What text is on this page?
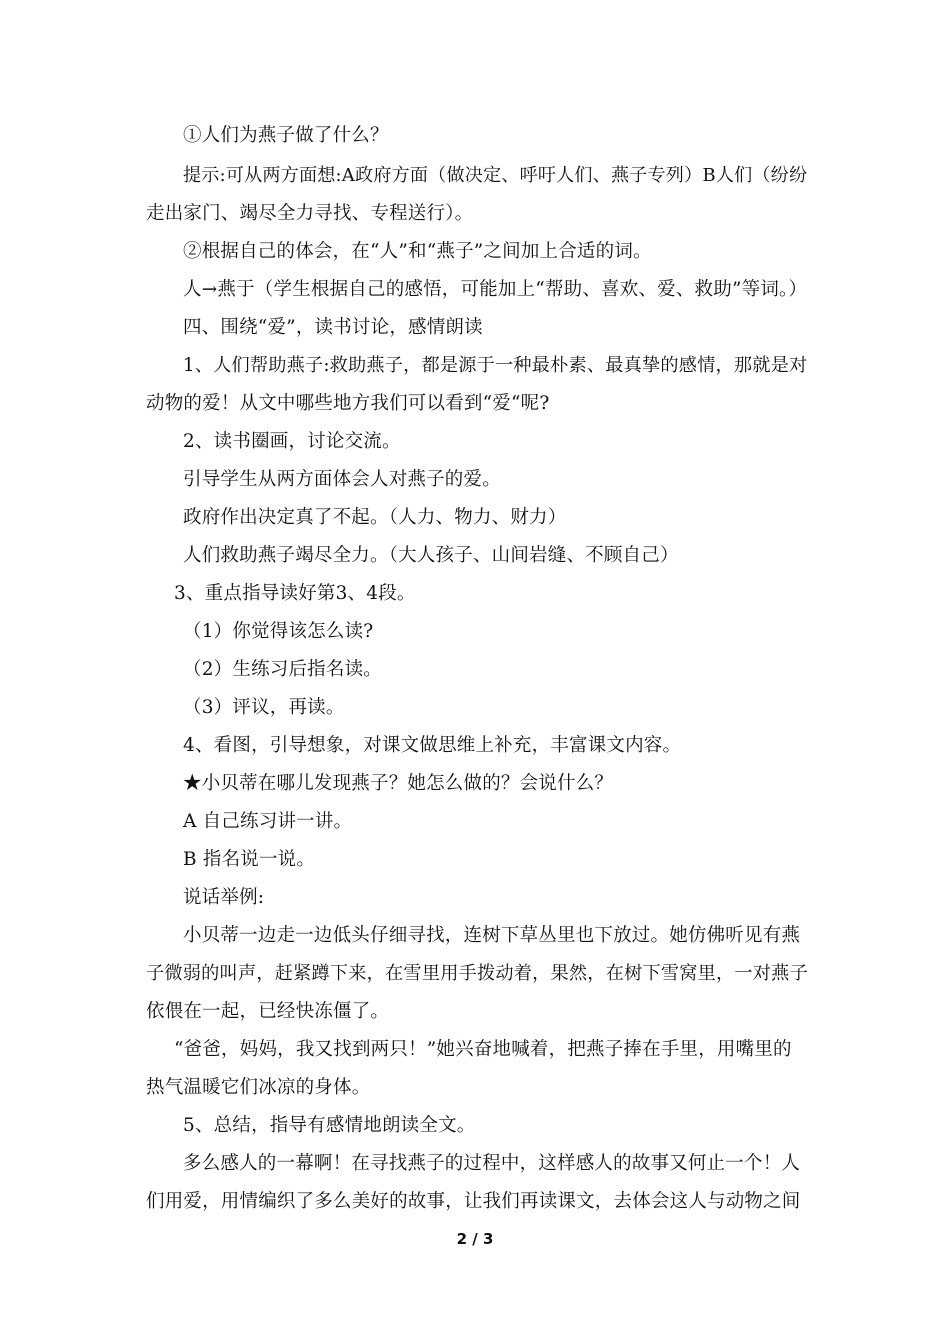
①人们为燕子做了什么？
提示:可从两方面想:A政府方面（做决定、呼吁人们、燕子专列）B人们（纷纷
走出家门、竭尽全力寻找、专程送行）。
②根据自己的体会，在“人”和“燕子”之间加上合适的词。
人→燕于（学生根据自己的感悟，可能加上“帮助、喜欢、爱、救助”等词。）
四、围绕“爱”，读书讨论，感情朗读
1、人们帮助燕子:救助燕子，都是源于一种最朴素、最真挚的感情，那就是对
动物的爱！从文中哪些地方我们可以看到“爱“呢?
2、读书圈画，讨论交流。
引导学生从两方面体会人对燕子的爱。
政府作出决定真了不起。（人力、物力、财力）
人们救助燕子竭尽全力。（大人孩子、山间岩缝、不顾自己）
3、重点指导读好第3、4段。
（1）你觉得该怎么读?
（2）生练习后指名读。
（3）评议，再读。
4、看图，引导想象，对课文做思维上补充，丰富课文内容。
★小贝蒂在哪儿发现燕子？她怎么做的？会说什么？
A 自己练习讲一讲。
B 指名说一说。
说话举例:
小贝蒂一边走一边低头仔细寻找，连树下草丛里也下放过。她仿佛听见有燕
子微弱的叫声，赶紧蹲下来，在雪里用手拨动着，果然，在树下雪窝里，一对燕子
依偎在一起，已经快冻僵了。
“爸爸，妈妈，我又找到两只！”她兴奋地喊着，把燕子捧在手里，用嘴里的
热气温暖它们冰凉的身体。
5、总结，指导有感情地朗读全文。
多么感人的一幕啊！在寻找燕子的过程中，这样感人的故事又何止一个！人
们用爱，用情编织了多么美好的故事，让我们再读课文，去体会这人与动物之间
2 / 3
